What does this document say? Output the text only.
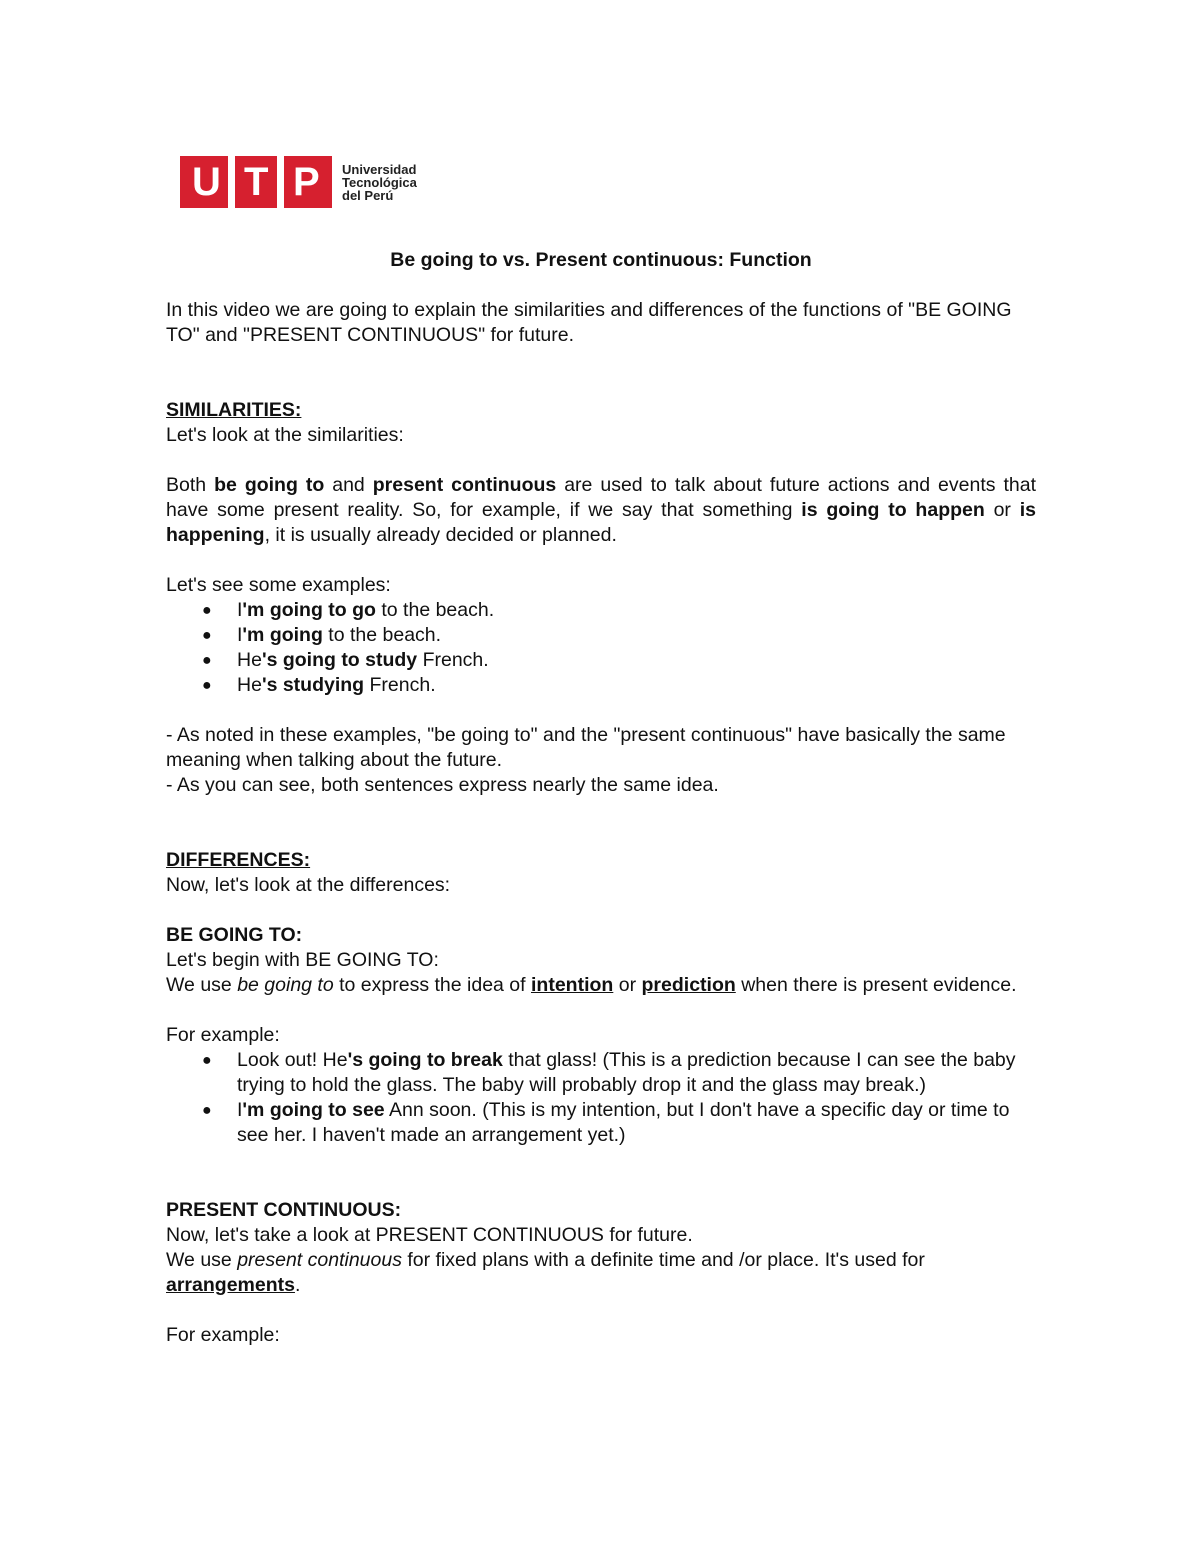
U T P Universidad
Tecnológica
del Perú

Be going to vs. Present continuous: Function

In this video we are going to explain the similarities and differences of the functions of "BE GOING TO" and "PRESENT CONTINUOUS" for future.

SIMILARITIES:

Let's look at the similarities:

Both be going to and present continuous are used to talk about future actions and events that have some present reality. So, for example, if we say that something is going to happen or is happening, it is usually already decided or planned.

Let's see some examples:

● I'm going to go to the beach.
● I'm going to the beach.
● He's going to study French.
● He's studying French.

- As noted in these examples, "be going to" and the "present continuous" have basically the same meaning when talking about the future.

- As you can see, both sentences express nearly the same idea.

DIFFERENCES:

Now, let's look at the differences:

BE GOING TO:

Let's begin with BE GOING TO:

We use be going to to express the idea of intention or prediction when there is present evidence.

For example:

● Look out! He's going to break that glass! (This is a prediction because I can see the baby trying to hold the glass. The baby will probably drop it and the glass may break.)
● I'm going to see Ann soon. (This is my intention, but I don't have a specific day or time to see her. I haven't made an arrangement yet.)

PRESENT CONTINUOUS:

Now, let's take a look at PRESENT CONTINUOUS for future.

We use present continuous for fixed plans with a definite time and /or place. It's used for arrangements.

For example:
